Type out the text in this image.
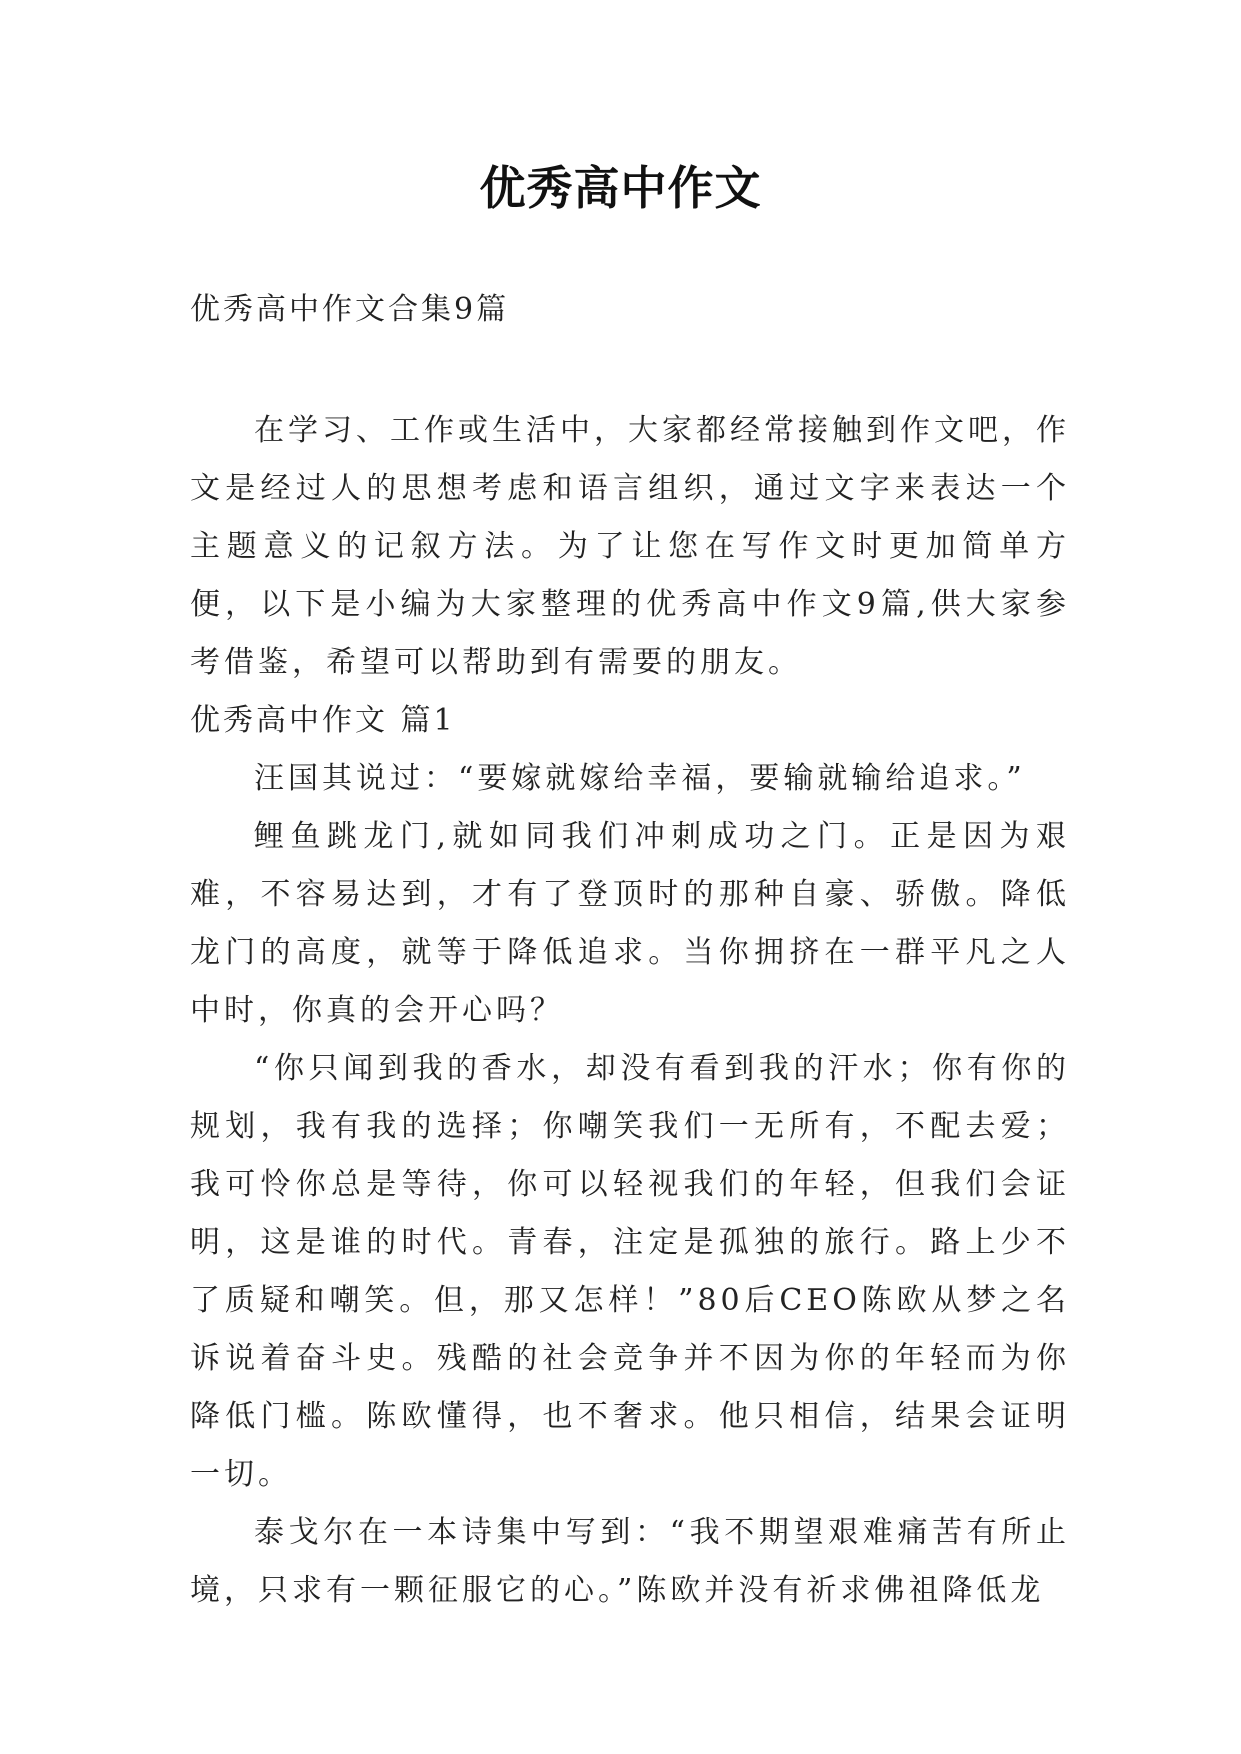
优秀高中作文

优秀高中作文合集9篇

在学习、工作或生活中，大家都经常接触到作文吧，作文是经过人的思想考虑和语言组织，通过文字来表达一个主题意义的记叙方法。为了让您在写作文时更加简单方便，以下是小编为大家整理的优秀高中作文9篇,供大家参考借鉴，希望可以帮助到有需要的朋友。

优秀高中作文 篇1

汪国其说过：“要嫁就嫁给幸福，要输就输给追求。”

鲤鱼跳龙门,就如同我们冲刺成功之门。正是因为艰难，不容易达到，才有了登顶时的那种自豪、骄傲。降低龙门的高度，就等于降低追求。当你拥挤在一群平凡之人中时，你真的会开心吗？

“你只闻到我的香水，却没有看到我的汗水；你有你的规划，我有我的选择；你嘲笑我们一无所有，不配去爱；我可怜你总是等待，你可以轻视我们的年轻，但我们会证明，这是谁的时代。青春，注定是孤独的旅行。路上少不了质疑和嘲笑。但，那又怎样！”80后CEO陈欧从梦之名诉说着奋斗史。残酷的社会竞争并不因为你的年轻而为你降低门槛。陈欧懂得，也不奢求。他只相信，结果会证明一切。

泰戈尔在一本诗集中写到：“我不期望艰难痛苦有所止境，只求有一颗征服它的心。”陈欧并没有祈求佛祖降低龙
